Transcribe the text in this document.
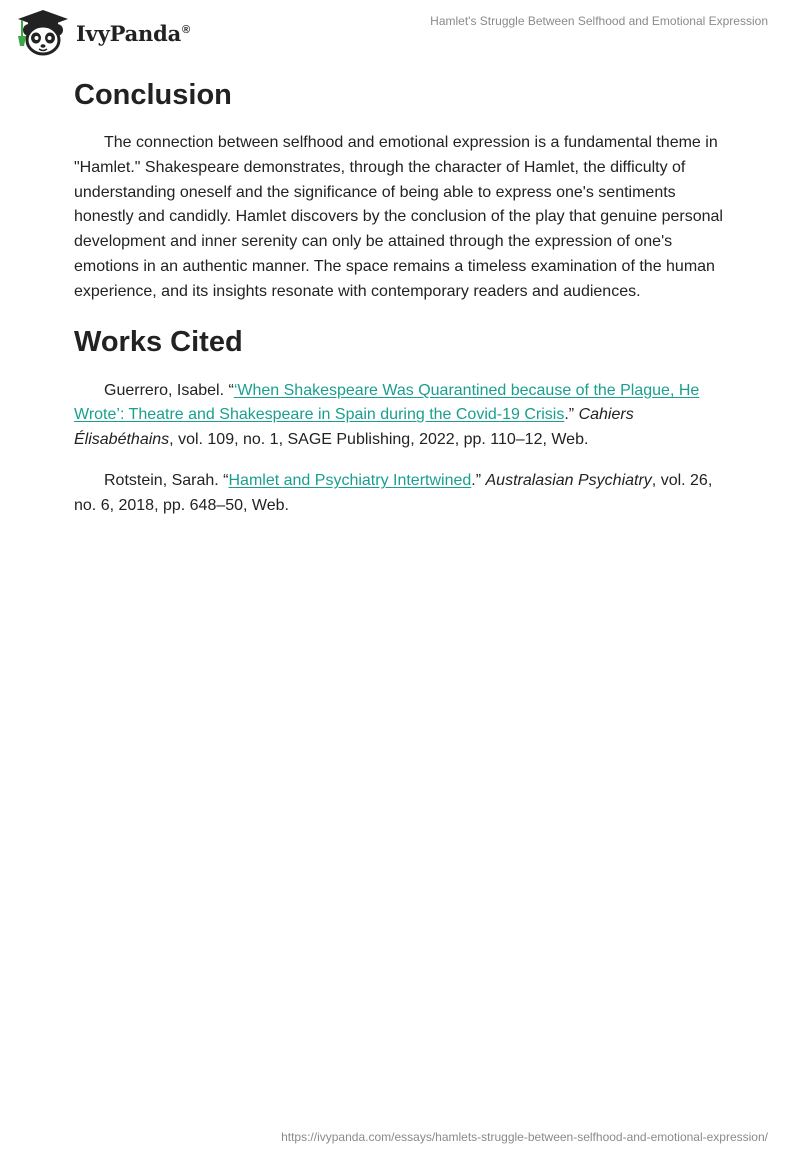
IvyPanda®
Hamlet's Struggle Between Selfhood and Emotional Expression
Conclusion

The connection between selfhood and emotional expression is a fundamental theme in "Hamlet." Shakespeare demonstrates, through the character of Hamlet, the difficulty of understanding oneself and the significance of being able to express one's sentiments honestly and candidly. Hamlet discovers by the conclusion of the play that genuine personal development and inner serenity can only be attained through the expression of one's emotions in an authentic manner. The space remains a timeless examination of the human experience, and its insights resonate with contemporary readers and audiences.

Works Cited

Guerrero, Isabel. “‘When Shakespeare Was Quarantined because of the Plague, He Wrote’: Theatre and Shakespeare in Spain during the Covid-19 Crisis.” Cahiers Élisabéthains, vol. 109, no. 1, SAGE Publishing, 2022, pp. 110–12, Web.

Rotstein, Sarah. “Hamlet and Psychiatry Intertwined.” Australasian Psychiatry, vol. 26, no. 6, 2018, pp. 648–50, Web.

https://ivypanda.com/essays/hamlets-struggle-between-selfhood-and-emotional-expression/
